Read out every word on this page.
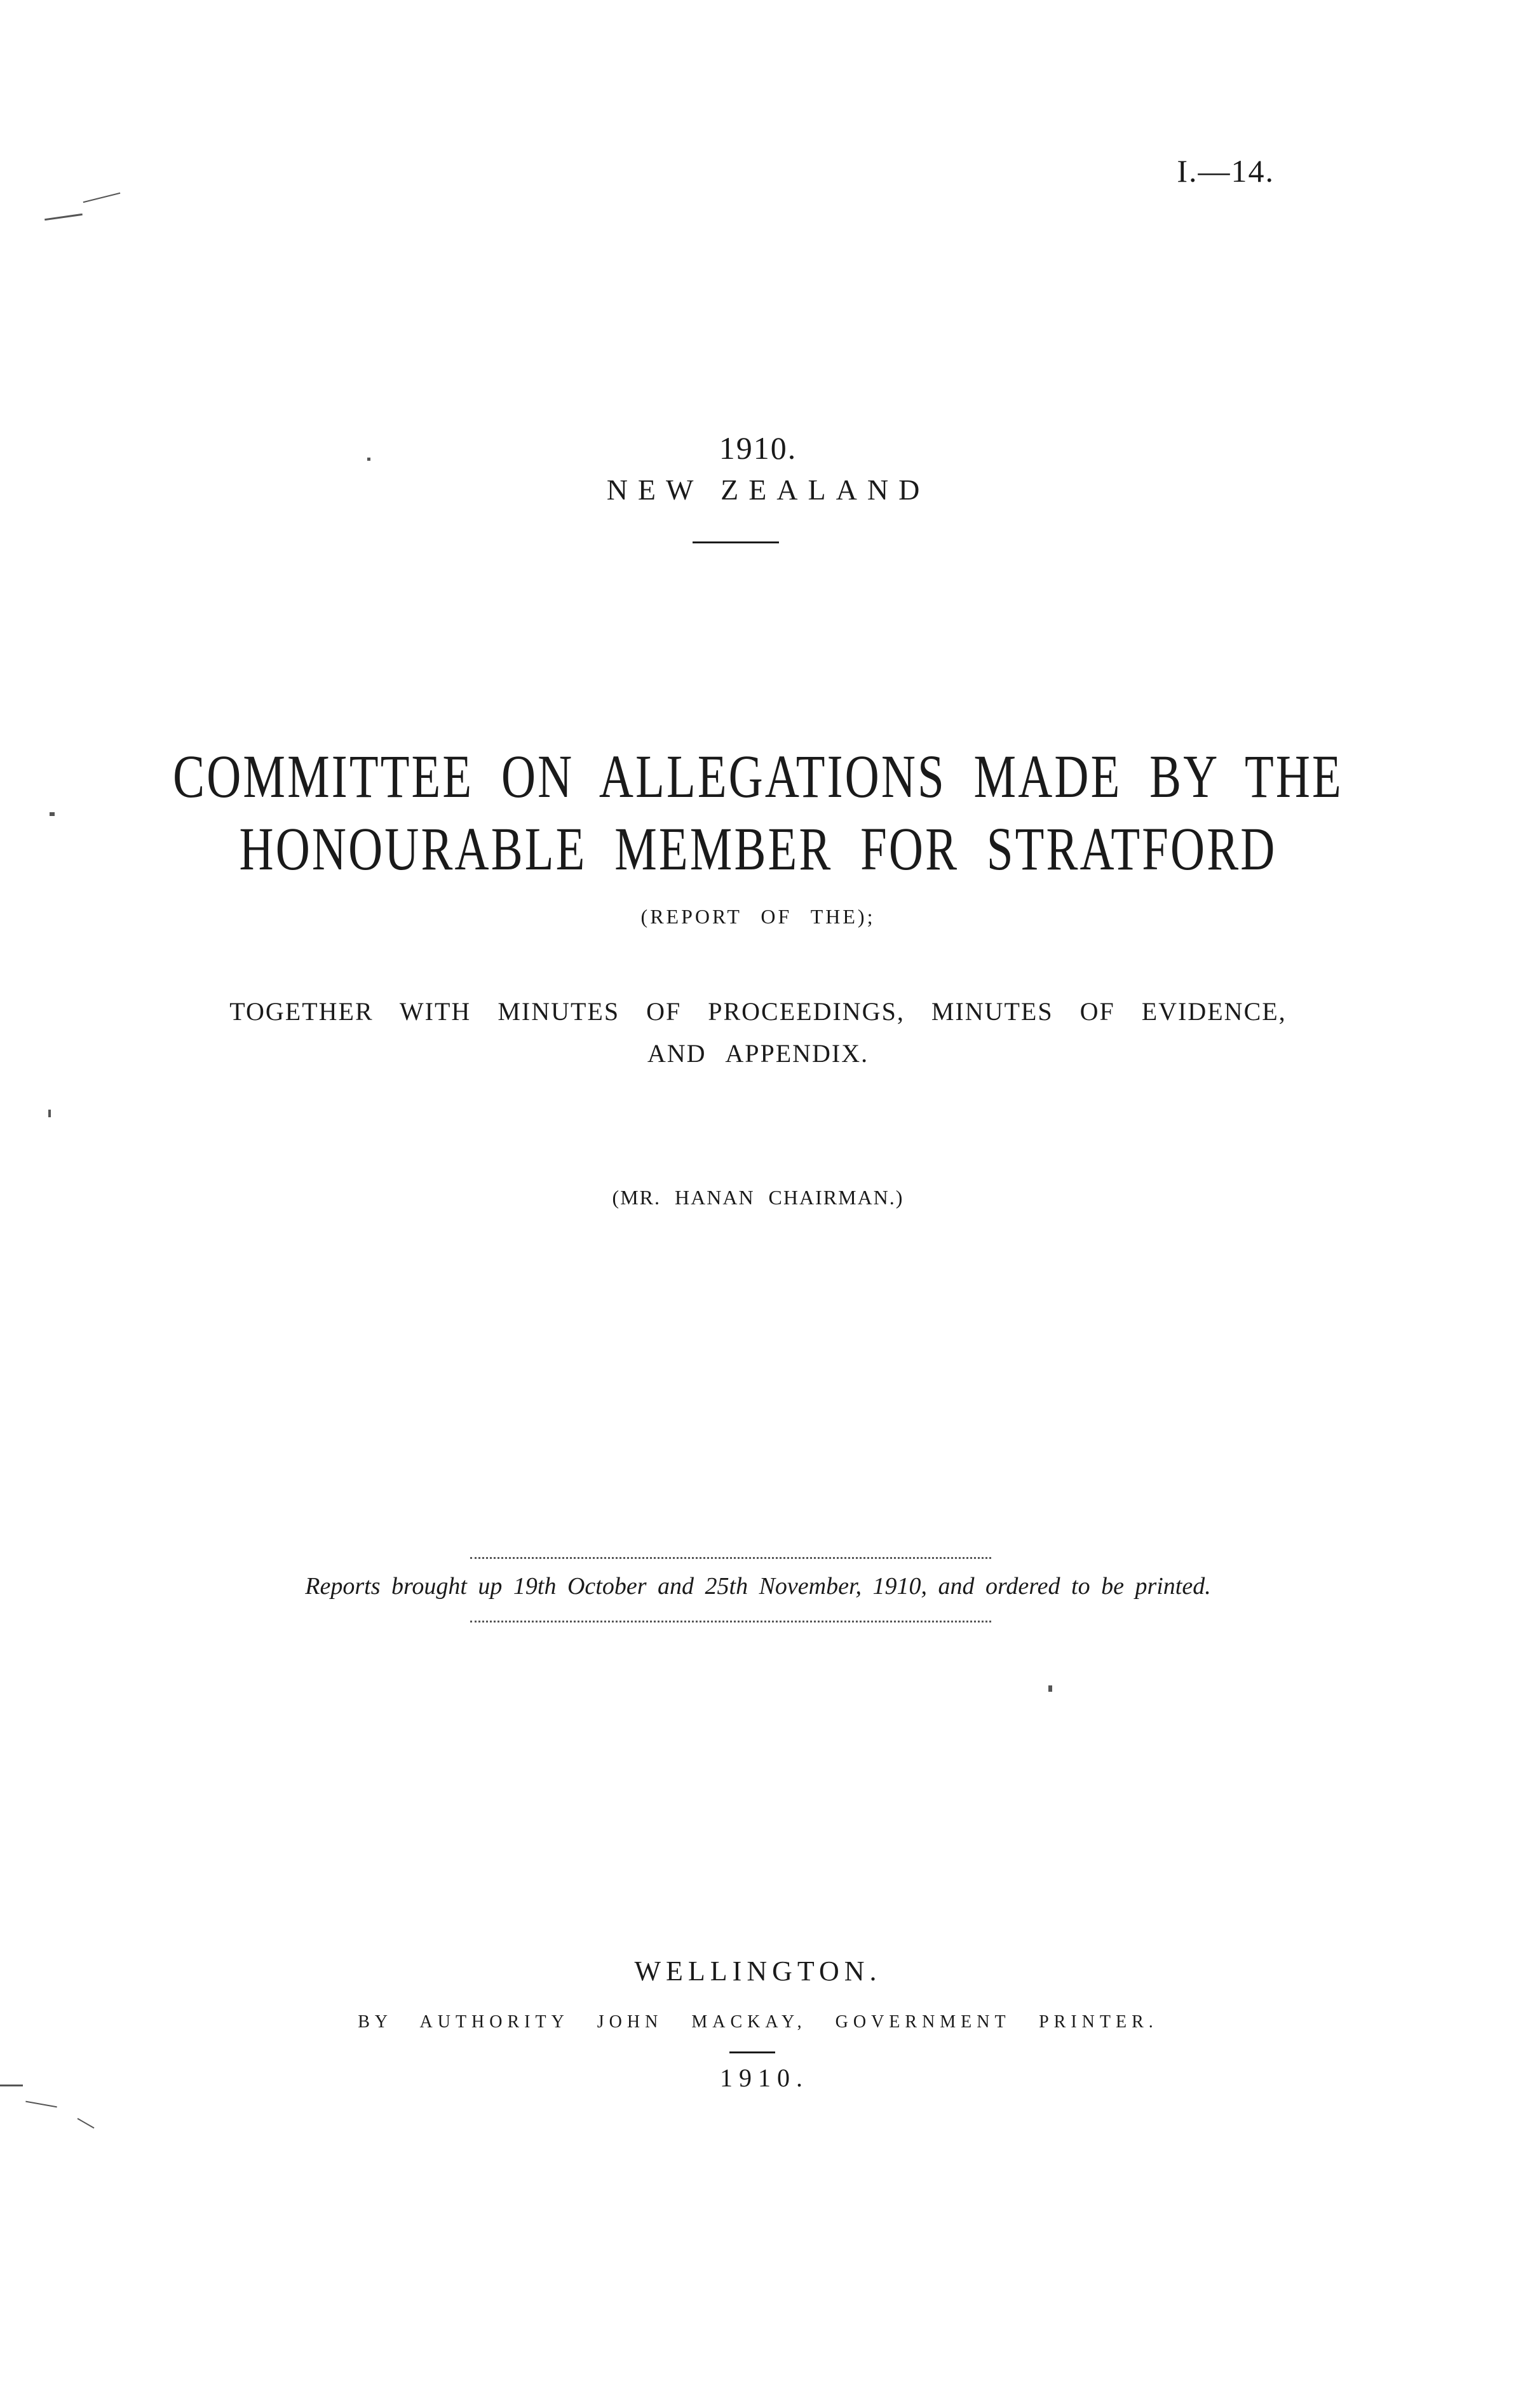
I.—14.
1910.
NEW ZEALAND
COMMITTEE ON ALLEGATIONS MADE BY THE
HONOURABLE MEMBER FOR STRATFORD
(REPORT OF THE);
TOGETHER WITH MINUTES OF PROCEEDINGS, MINUTES OF EVIDENCE,
AND APPENDIX.
(MR. HANAN CHAIRMAN.)
Reports brought up 19th October and 25th November, 1910, and ordered to be printed.
WELLINGTON.
BY AUTHORITY JOHN MACKAY, GOVERNMENT PRINTER.
1910.
